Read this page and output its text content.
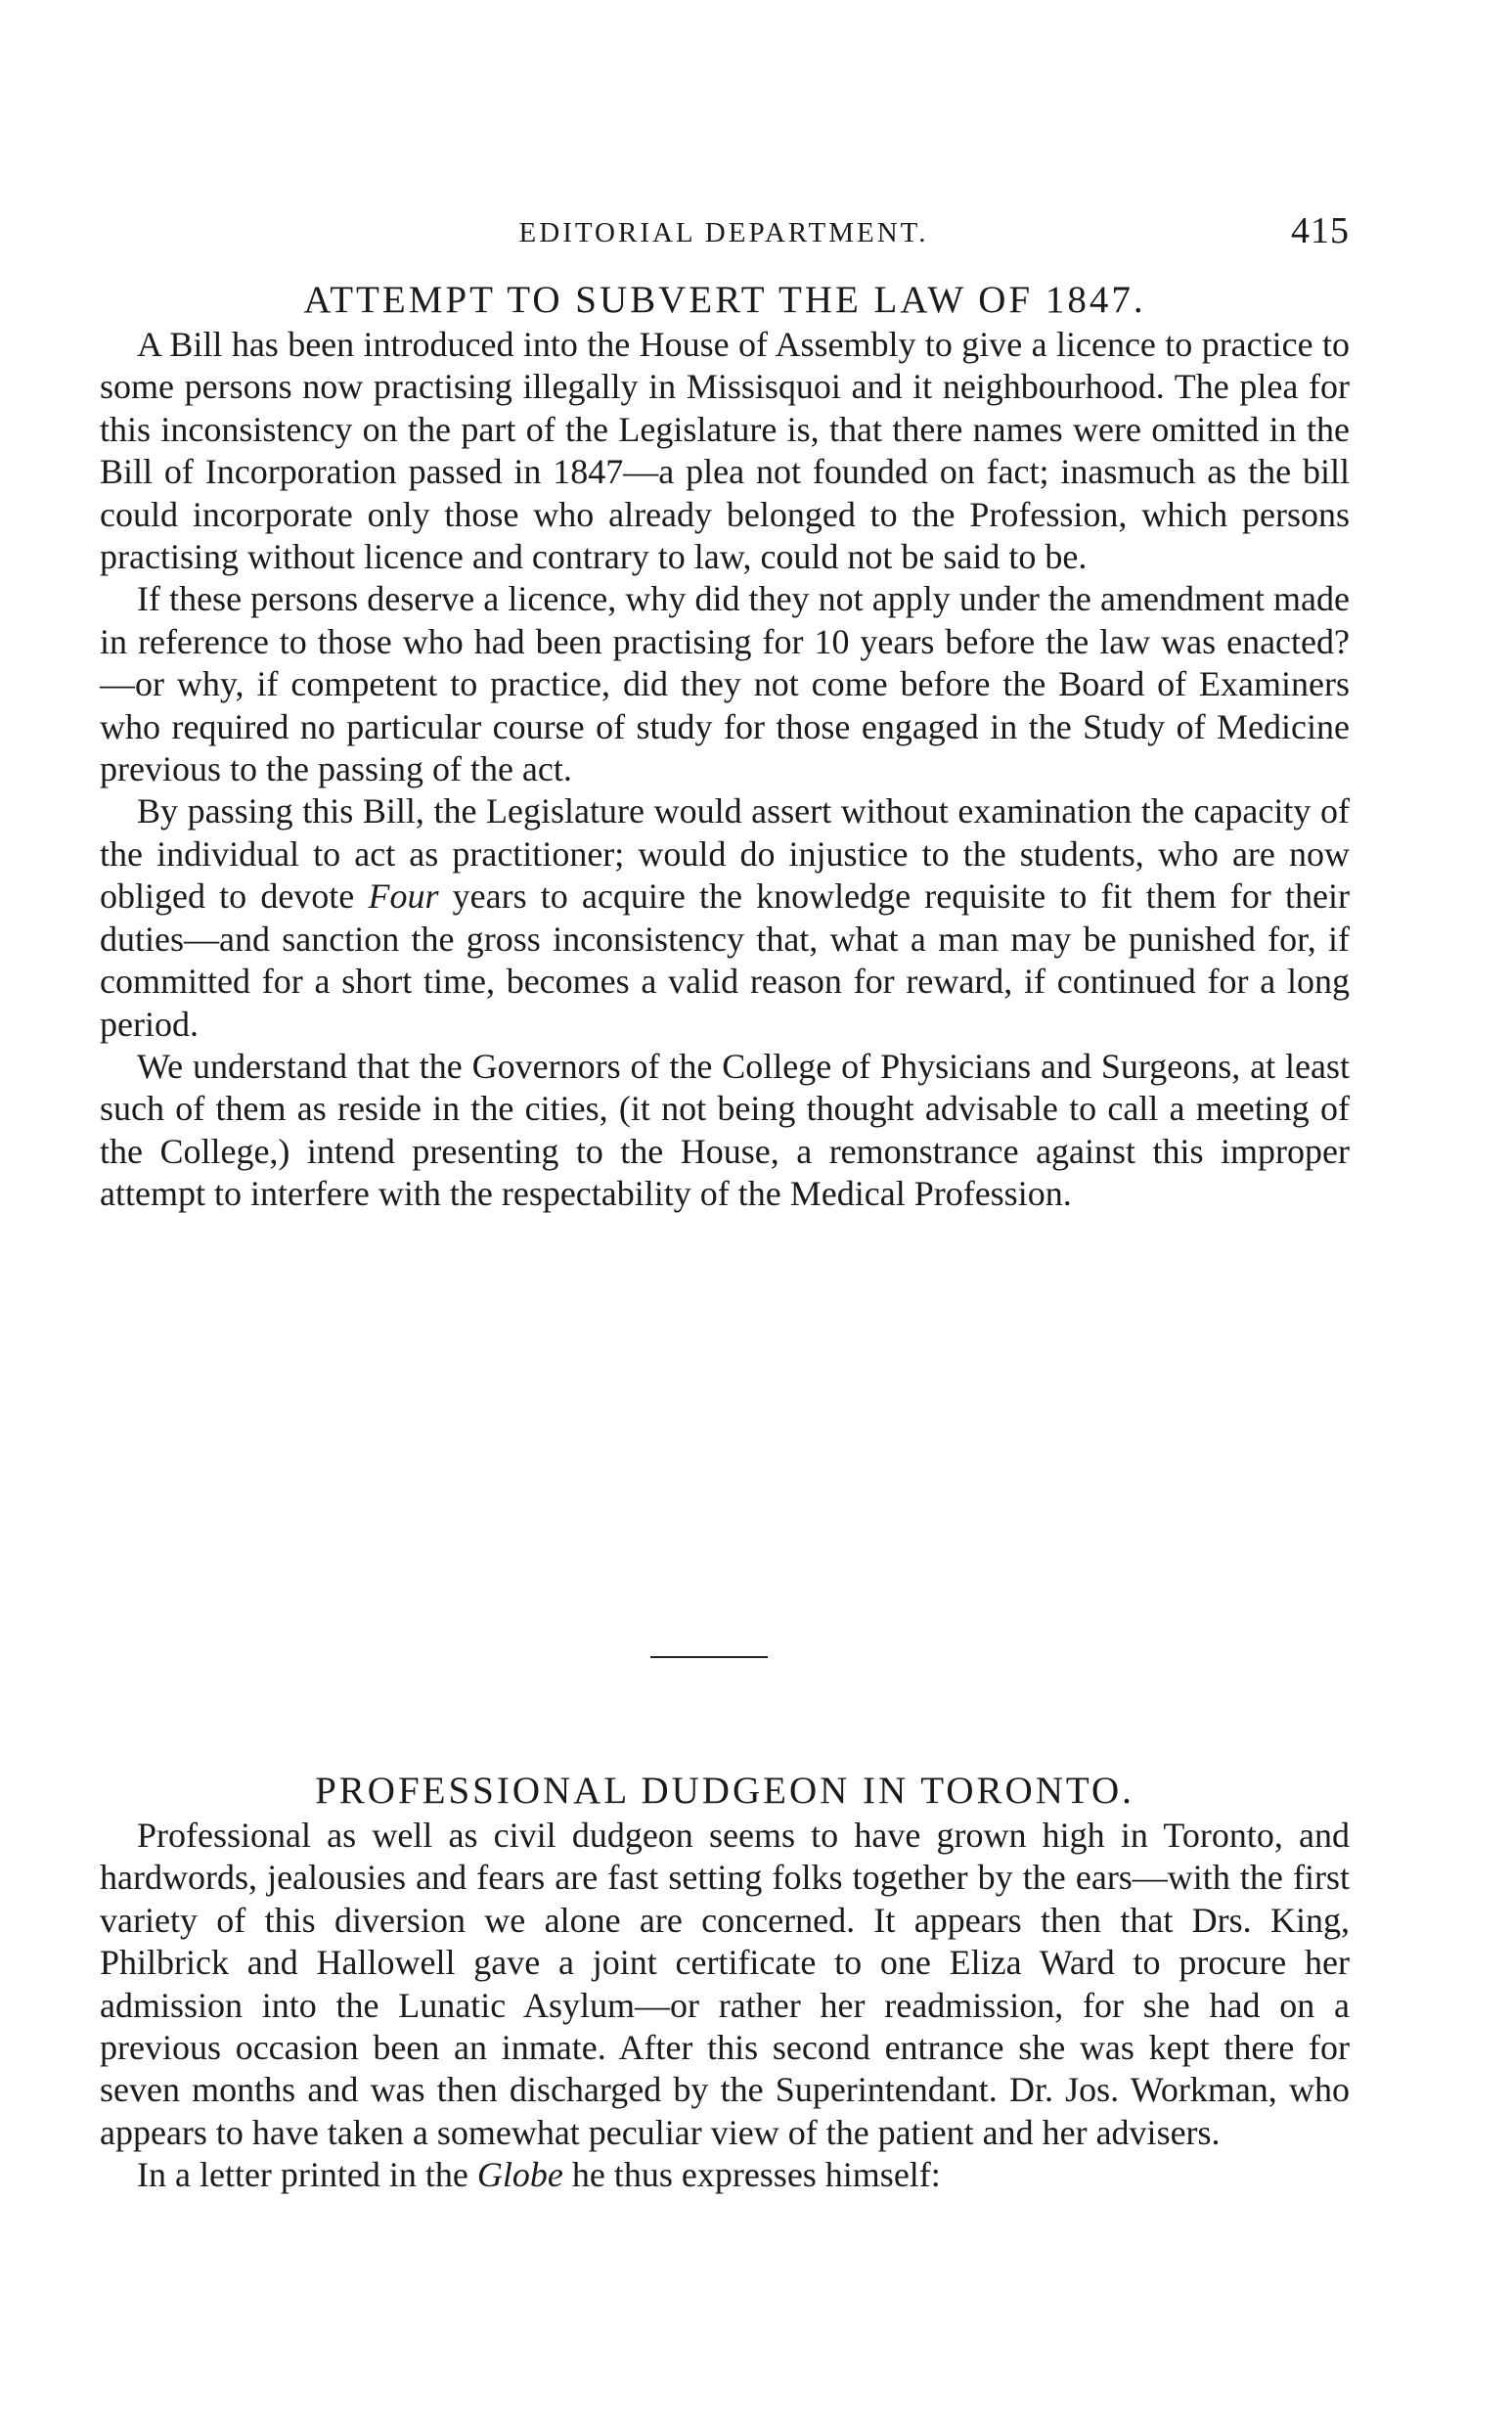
EDITORIAL DEPARTMENT.	415
ATTEMPT TO SUBVERT THE LAW OF 1847.

A Bill has been introduced into the House of Assembly to give a licence to practice to some persons now practising illegally in Missisquoi and it neighbourhood. The plea for this inconsistency on the part of the Legislature is, that there names were omitted in the Bill of Incorporation passed in 1847—a plea not founded on fact; inasmuch as the bill could incorporate only those who already belonged to the Profession, which persons practising without licence and contrary to law, could not be said to be.

If these persons deserve a licence, why did they not apply under the amendment made in reference to those who had been practising for 10 years before the law was enacted?—or why, if competent to practice, did they not come before the Board of Examiners who required no particular course of study for those engaged in the Study of Medicine previous to the passing of the act.

By passing this Bill, the Legislature would assert without examination the capacity of the individual to act as practitioner; would do injustice to the students, who are now obliged to devote Four years to acquire the knowledge requisite to fit them for their duties—and sanction the gross inconsistency that, what a man may be punished for, if committed for a short time, becomes a valid reason for reward, if continued for a long period.

We understand that the Governors of the College of Physicians and Surgeons, at least such of them as reside in the cities, (it not being thought advisable to call a meeting of the College,) intend presenting to the House, a remonstrance against this improper attempt to interfere with the respectability of the Medical Profession.

PROFESSIONAL DUDGEON IN TORONTO.

Professional as well as civil dudgeon seems to have grown high in Toronto, and hardwords, jealousies and fears are fast setting folks together by the ears—with the first variety of this diversion we alone are concerned. It appears then that Drs. King, Philbrick and Hallowell gave a joint certificate to one Eliza Ward to procure her admission into the Lunatic Asylum—or rather her readmission, for she had on a previous occasion been an inmate. After this second entrance she was kept there for seven months and was then discharged by the Superintendant. Dr. Jos. Workman, who appears to have taken a somewhat peculiar view of the patient and her advisers.

In a letter printed in the Globe he thus expresses himself:
